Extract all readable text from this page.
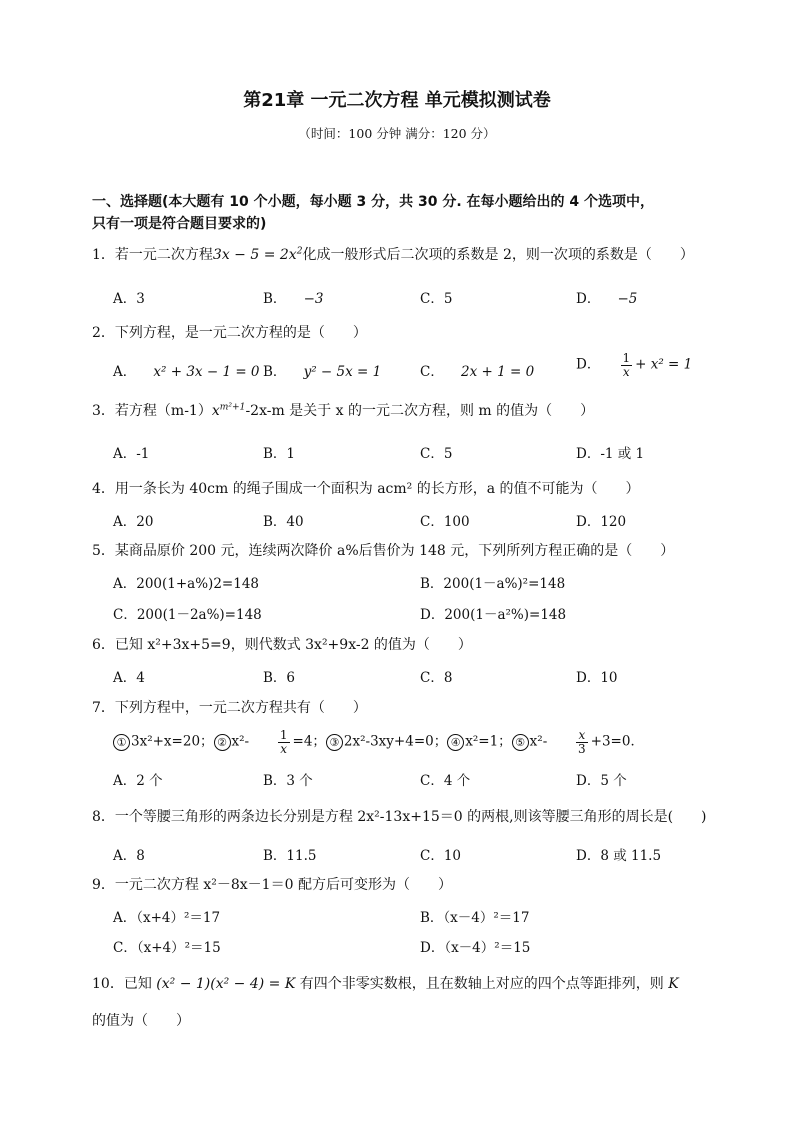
第21章 一元二次方程 单元模拟测试卷
（时间：100 分钟 满分：120 分）
一、选择题(本大题有 10 个小题，每小题 3 分，共 30 分. 在每小题给出的 4 个选项中，
只有一项是符合题目要求的)
1．若一元二次方程$3x - 5 = 2x^2$化成一般形式后二次项的系数是 2，则一次项的系数是（　　）
A．3	B． −3	C．5	D． −5
2．下列方程，是一元二次方程的是（　　）
A． x² + 3x − 1 = 0 B． y² − 5x = 1	C． 2x + 1 = 0	D． $\frac{1}{x} + x^2 = 1$
3．若方程$(m-1)x^{m^2+1}-2x-m$ 是关于 x 的一元二次方程，则 m 的值为（　　）
A．-1	B．1	C．5	D．-1 或 1
4．用一条长为 40cm 的绳子围成一个面积为 acm² 的长方形，a 的值不可能为（　　）
A．20	B．40	C．100	D．120
5．某商品原价 200 元，连续两次降价 a%后售价为 148 元，下列所列方程正确的是（　　）
A．200(1+a%)2=148	B．200(1－a%)²=148
C．200(1－2a%)=148	D．200(1－a²%)=148
6．已知 x²+3x+5=9，则代数式 3x²+9x-2 的值为（　　）
A．4	B．6	C．8	D．10
7．下列方程中，一元二次方程共有（　　）
① 3x²+x=20； ② $x^2- \frac{1}{x} =4$； ③ 2x²-3xy+4=0； ④ x²=1； ⑤ $x^2- \frac{x}{3} +3=0$．
A．2 个	B．3 个	C．4 个	D．5 个
8．一个等腰三角形的两条边长分别是方程 2x²-13x+15＝0 的两根,则该等腰三角形的周长是(　　)
A．8	B．11.5	C．10	D．8 或 11.5
9．一元二次方程 x²－8x－1＝0 配方后可变形为（　　）
A．（x+4）²＝17	B．（x－4）²＝17
C．（x+4）²＝15	D．（x－4）²＝15
10．已知 (x² − 1)(x² − 4) = K 有四个非零实数根，且在数轴上对应的四个点等距排列，则 K
的值为（　　）
